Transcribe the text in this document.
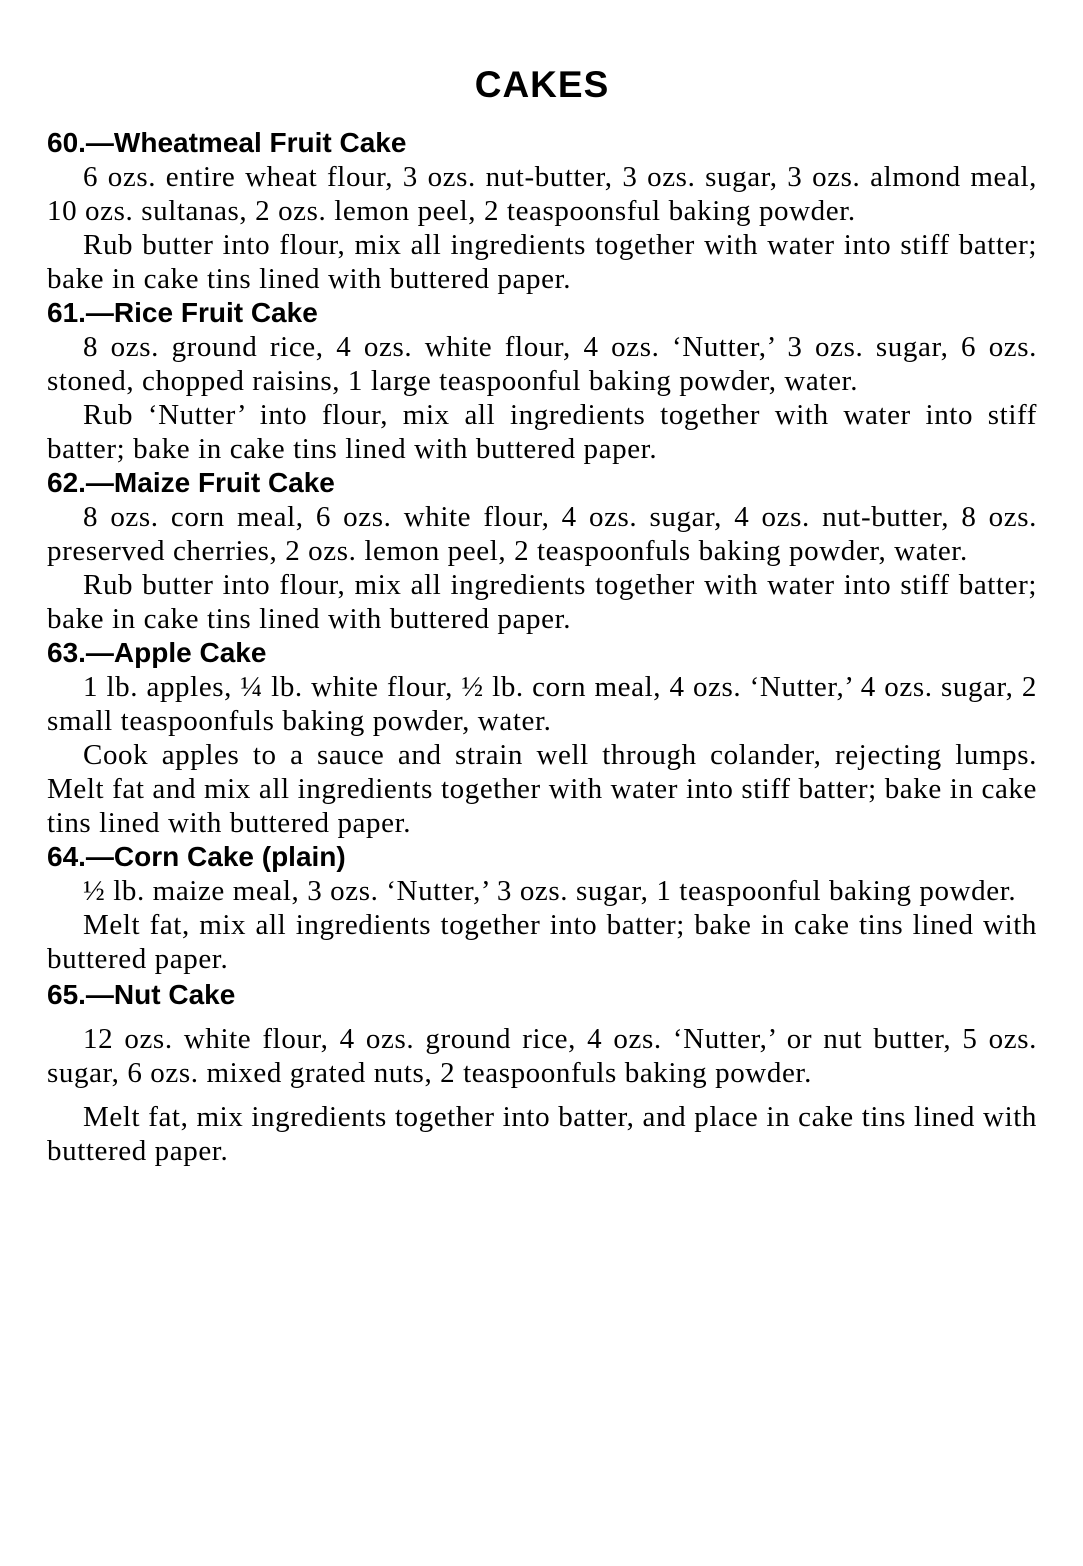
CAKES
60.—Wheatmeal Fruit Cake

6 ozs. entire wheat flour, 3 ozs. nut-butter, 3 ozs. sugar, 3 ozs. almond meal, 10 ozs. sultanas, 2 ozs. lemon peel, 2 teaspoonsful baking powder.

Rub butter into flour, mix all ingredients together with water into stiff batter; bake in cake tins lined with buttered paper.

61.—Rice Fruit Cake

8 ozs. ground rice, 4 ozs. white flour, 4 ozs. ‘Nutter,’ 3 ozs. sugar, 6 ozs. stoned, chopped raisins, 1 large teaspoonful baking powder, water.

Rub ‘Nutter’ into flour, mix all ingredients together with water into stiff batter; bake in cake tins lined with buttered paper.

62.—Maize Fruit Cake

8 ozs. corn meal, 6 ozs. white flour, 4 ozs. sugar, 4 ozs. nut-butter, 8 ozs. preserved cherries, 2 ozs. lemon peel, 2 teaspoonfuls baking powder, water.

Rub butter into flour, mix all ingredients together with water into stiff batter; bake in cake tins lined with buttered paper.

63.—Apple Cake

1 lb. apples, ¼ lb. white flour, ½ lb. corn meal, 4 ozs. ‘Nutter,’ 4 ozs. sugar, 2 small teaspoonfuls baking powder, water.

Cook apples to a sauce and strain well through colander, rejecting lumps. Melt fat and mix all ingredients together with water into stiff batter; bake in cake tins lined with buttered paper.

64.—Corn Cake (plain)

½ lb. maize meal, 3 ozs. ‘Nutter,’ 3 ozs. sugar, 1 teaspoonful baking powder.

Melt fat, mix all ingredients together into batter; bake in cake tins lined with buttered paper.

65.—Nut Cake

12 ozs. white flour, 4 ozs. ground rice, 4 ozs. ‘Nutter,’ or nut butter, 5 ozs. sugar, 6 ozs. mixed grated nuts, 2 teaspoonfuls baking powder.

Melt fat, mix ingredients together into batter, and place in cake tins lined with buttered paper.
